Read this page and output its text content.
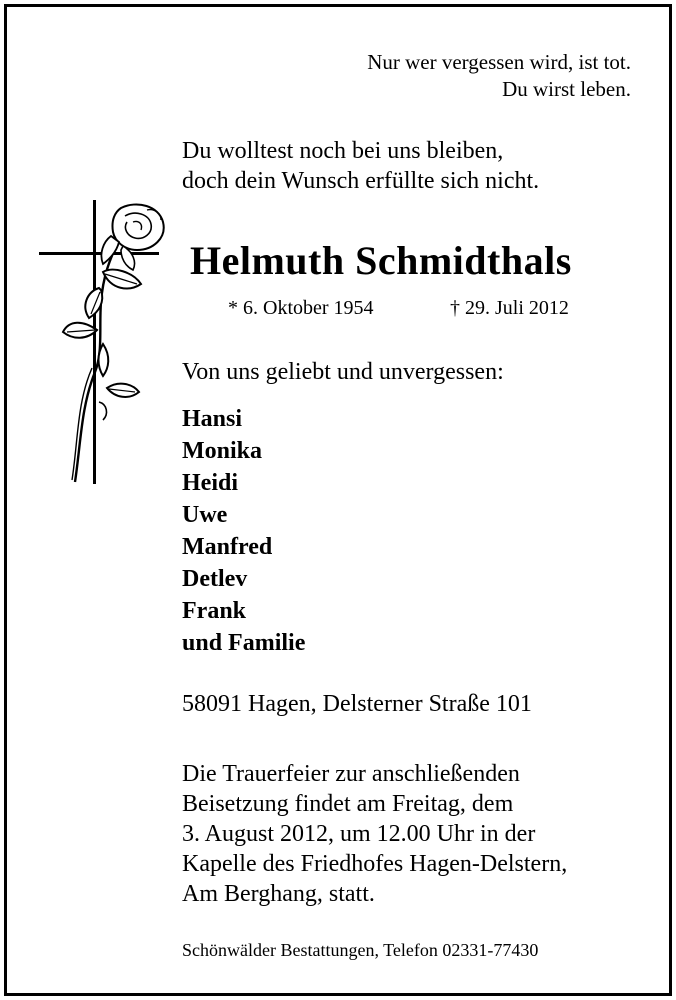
Nur wer vergessen wird, ist tot.
Du wirst leben.
Du wolltest noch bei uns bleiben,
doch dein Wunsch erfüllte sich nicht.
Helmuth Schmidthals
* 6. Oktober 1954	† 29. Juli 2012
Von uns geliebt und unvergessen:
Hansi
Monika
Heidi
Uwe
Manfred
Detlev
Frank
und Familie
58091 Hagen, Delsterner Straße 101
Die Trauerfeier zur anschließenden
Beisetzung findet am Freitag, dem
3. August 2012, um 12.00 Uhr in der
Kapelle des Friedhofes Hagen-Delstern,
Am Berghang, statt.
Schönwälder Bestattungen, Telefon 02331-77430
